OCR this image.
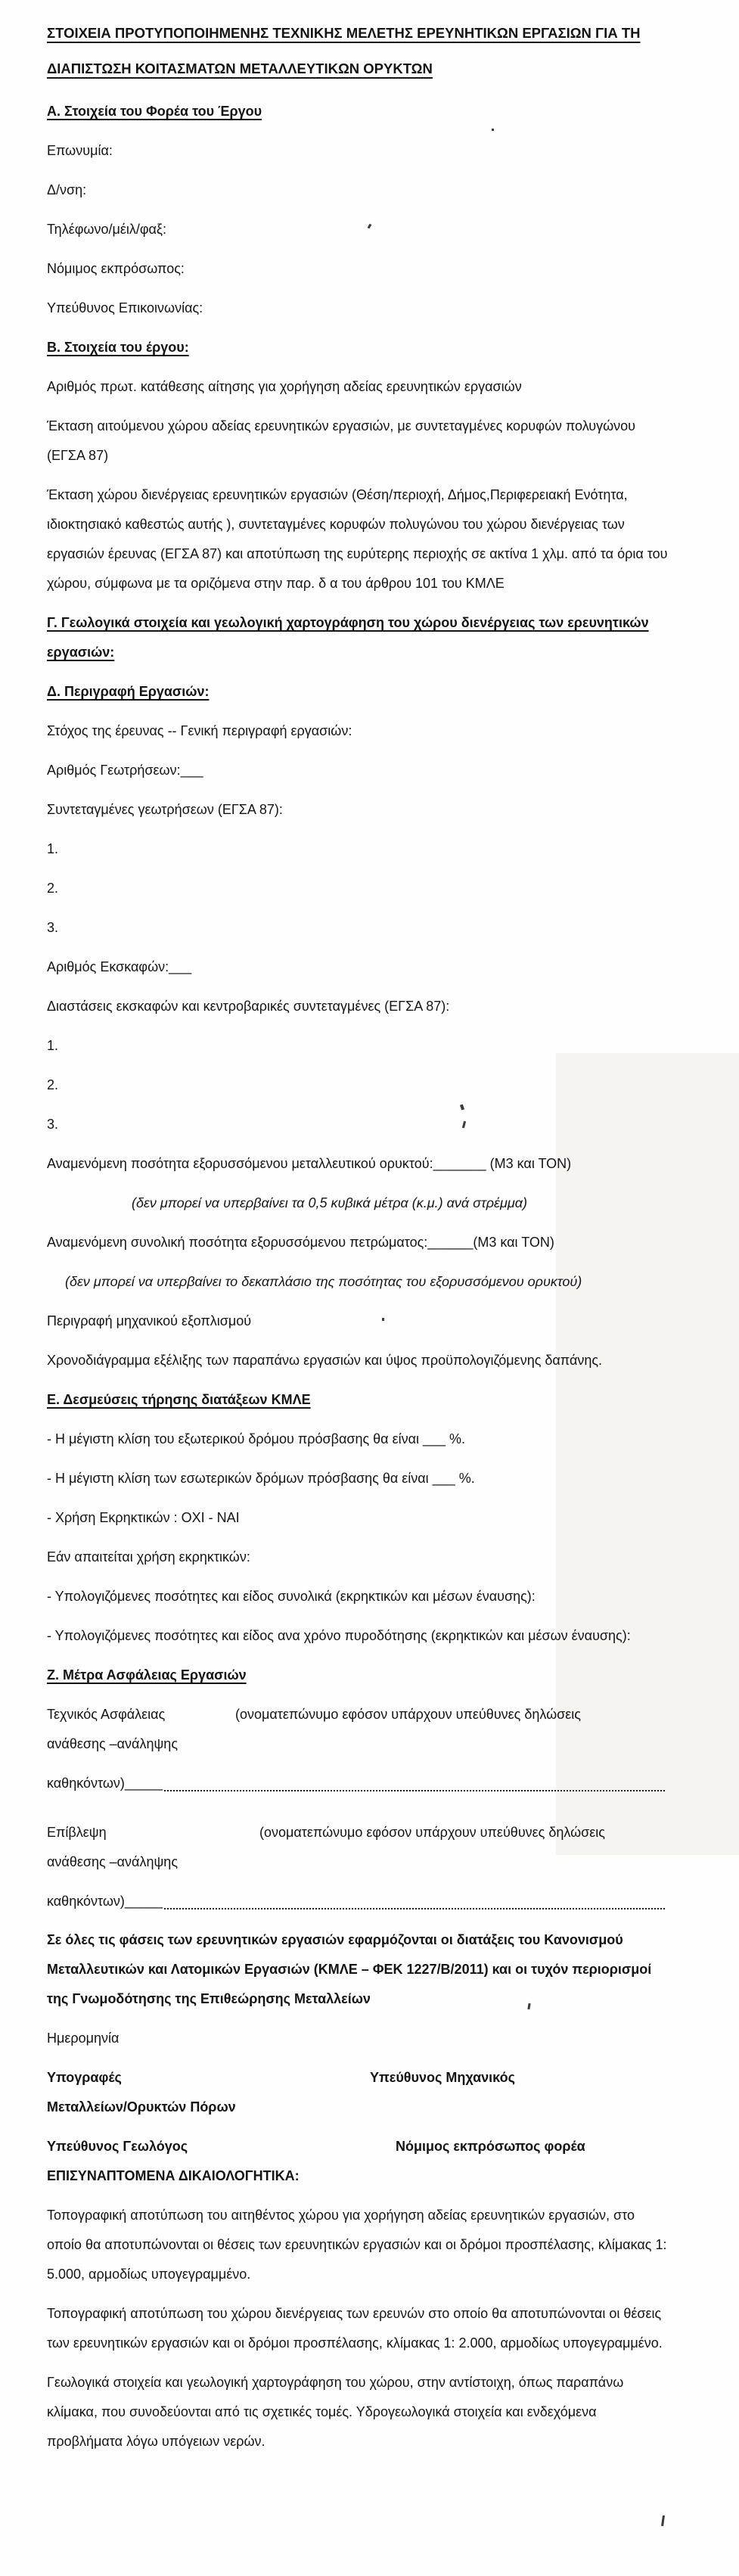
ΣΤΟΙΧΕΙΑ ΠΡΟΤΥΠΟΠΟΙΗΜΕΝΗΣ ΤΕΧΝΙΚΗΣ ΜΕΛΕΤΗΣ ΕΡΕΥΝΗΤΙΚΩΝ ΕΡΓΑΣΙΩΝ ΓΙΑ ΤΗ
ΔΙΑΠΙΣΤΩΣΗ ΚΟΙΤΑΣΜΑΤΩΝ ΜΕΤΑΛΛΕΥΤΙΚΩΝ ΟΡΥΚΤΩΝ

Α. Στοιχεία του Φορέα του Έργου

Επωνυμία:

Δ/νση:

Τηλέφωνο/μέιλ/φαξ:

Νόμιμος εκπρόσωπος:

Υπεύθυνος Επικοινωνίας:

Β. Στοιχεία του έργου:

Αριθμός πρωτ. κατάθεσης αίτησης για χορήγηση αδείας ερευνητικών εργασιών

Έκταση αιτούμενου χώρου αδείας ερευνητικών εργασιών, με συντεταγμένες κορυφών πολυγώνου (ΕΓΣΑ 87)

Έκταση χώρου διενέργειας ερευνητικών εργασιών (Θέση/περιοχή, Δήμος,Περιφερειακή Ενότητα, ιδιοκτησιακό καθεστώς αυτής ), συντεταγμένες κορυφών πολυγώνου του χώρου διενέργειας των εργασιών έρευνας (ΕΓΣΑ 87) και αποτύπωση της ευρύτερης περιοχής σε ακτίνα 1 χλμ. από τα όρια του χώρου, σύμφωνα με τα οριζόμενα στην παρ. δ α του άρθρου 101 του ΚΜΛΕ

Γ. Γεωλογικά στοιχεία και γεωλογική χαρτογράφηση του χώρου διενέργειας των ερευνητικών εργασιών:

Δ. Περιγραφή Εργασιών:

Στόχος της έρευνας -- Γενική περιγραφή εργασιών:

Αριθμός Γεωτρήσεων:___

Συντεταγμένες γεωτρήσεων (ΕΓΣΑ 87):

1.

2.

3.

Αριθμός Εκσκαφών:___

Διαστάσεις εκσκαφών και κεντροβαρικές συντεταγμένες (ΕΓΣΑ 87):

1.

2.

3.

Αναμενόμενη ποσότητα εξορυσσόμενου μεταλλευτικού ορυκτού:_______ (Μ3 και ΤΟΝ)

(δεν μπορεί να υπερβαίνει τα 0,5 κυβικά μέτρα (κ.μ.) ανά στρέμμα)

Αναμενόμενη συνολική ποσότητα εξορυσσόμενου πετρώματος:______(Μ3 και ΤΟΝ)

(δεν μπορεί να υπερβαίνει το δεκαπλάσιο της ποσότητας του εξορυσσόμενου ορυκτού)

Περιγραφή μηχανικού εξοπλισμού

Χρονοδιάγραμμα εξέλιξης των παραπάνω εργασιών και ύψος προϋπολογιζόμενης δαπάνης.

Ε. Δεσμεύσεις τήρησης διατάξεων ΚΜΛΕ

- Η μέγιστη κλίση του εξωτερικού δρόμου πρόσβασης θα είναι ___ %.

- Η μέγιστη κλίση των εσωτερικών δρόμων πρόσβασης θα είναι ___ %.

- Χρήση Εκρηκτικών : ΟΧΙ - ΝΑΙ

Εάν απαιτείται χρήση εκρηκτικών:

- Υπολογιζόμενες ποσότητες και είδος συνολικά (εκρηκτικών και μέσων έναυσης):

- Υπολογιζόμενες ποσότητες και είδος ανα χρόνο πυροδότησης (εκρηκτικών και μέσων έναυσης):

Ζ. Μέτρα Ασφάλειας Εργασιών

Τεχνικός Ασφάλειας	(ονοματεπώνυμο εφόσον υπάρχουν υπεύθυνες δηλώσεις

ανάθεσης –ανάληψης

καθηκόντων)_____
Επίβλεψη	(ονοματεπώνυμο εφόσον υπάρχουν υπεύθυνες δηλώσεις

ανάθεσης –ανάληψης

καθηκόντων)_____

Σε όλες τις φάσεις των ερευνητικών εργασιών εφαρμόζονται οι διατάξεις του Κανονισμού Μεταλλευτικών και Λατομικών Εργασιών (ΚΜΛΕ – ΦΕΚ 1227/Β/2011) και οι τυχόν περιορισμοί της Γνωμοδότησης της Επιθεώρησης Μεταλλείων

Ημερομηνία

Υπογραφές	Υπεύθυνος Μηχανικός

Μεταλλείων/Ορυκτών Πόρων

Υπεύθυνος Γεωλόγος	Νόμιμος εκπρόσωπος φορέα

ΕΠΙΣΥΝΑΠΤΟΜΕΝΑ ΔΙΚΑΙΟΛΟΓΗΤΙΚΑ:

Τοπογραφική αποτύπωση του αιτηθέντος χώρου για χορήγηση αδείας ερευνητικών εργασιών, στο οποίο θα αποτυπώνονται οι θέσεις των ερευνητικών εργασιών και οι δρόμοι προσπέλασης, κλίμακας 1: 5.000, αρμοδίως υπογεγραμμένο.

Τοπογραφική αποτύπωση του χώρου διενέργειας των ερευνών στο οποίο θα αποτυπώνονται οι θέσεις των ερευνητικών εργασιών και οι δρόμοι προσπέλασης, κλίμακας 1: 2.000, αρμοδίως υπογεγραμμένο.

Γεωλογικά στοιχεία και γεωλογική χαρτογράφηση του χώρου, στην αντίστοιχη, όπως παραπάνω κλίμακα, που συνοδεύονται από τις σχετικές τομές. Υδρογεωλογικά στοιχεία και ενδεχόμενα προβλήματα λόγω υπόγειων νερών.
